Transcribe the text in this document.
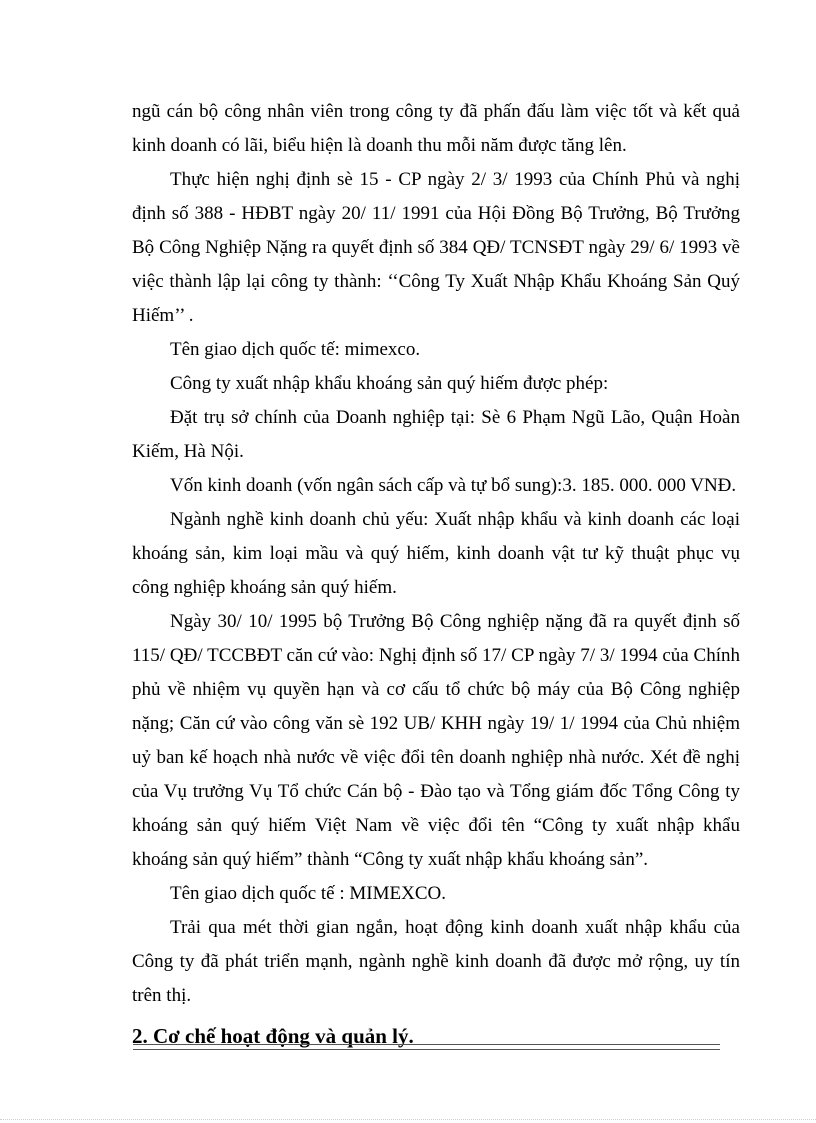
ngũ cán bộ công nhân viên trong công ty đã phấn đấu làm việc tốt và kết quả kinh doanh có lãi, biểu hiện là doanh thu mỗi năm được tăng lên.

Thực hiện nghị định sè 15 - CP ngày 2/ 3/ 1993 của Chính Phủ và nghị định số 388 - HĐBT ngày 20/ 11/ 1991 của Hội Đồng Bộ Trưởng, Bộ Trưởng Bộ Công Nghiệp Nặng ra quyết định số 384 QĐ/ TCNSĐT ngày 29/ 6/ 1993 về việc thành lập lại công ty thành: ‘‘Công Ty Xuất Nhập Khẩu Khoáng Sản Quý Hiếm’’ .

Tên giao dịch quốc tế: mimexco.

Công ty xuất nhập khẩu khoáng sản quý hiếm được phép:

Đặt trụ sở chính của Doanh nghiệp tại: Sè 6 Phạm Ngũ Lão, Quận Hoàn Kiếm, Hà Nội.

Vốn kinh doanh (vốn ngân sách cấp và tự bổ sung):3. 185. 000. 000 VNĐ.

Ngành nghề kinh doanh chủ yếu: Xuất nhập khẩu và kinh doanh các loại khoáng sản, kim loại mầu và quý hiếm, kinh doanh vật tư kỹ thuật phục vụ công nghiệp khoáng sản quý hiếm.

Ngày 30/ 10/ 1995 bộ Trưởng Bộ Công nghiệp nặng đã ra quyết định số 115/ QĐ/ TCCBĐT căn cứ vào: Nghị định số 17/ CP ngày 7/ 3/ 1994 của Chính phủ về nhiệm vụ quyền hạn và cơ cấu tổ chức bộ máy của Bộ Công nghiệp nặng; Căn cứ vào công văn sè 192 UB/ KHH ngày 19/ 1/ 1994 của Chủ nhiệm uỷ ban kế hoạch nhà nước về việc đổi tên doanh nghiệp nhà nước. Xét đề nghị của Vụ trưởng Vụ Tổ chức Cán bộ - Đào tạo và Tổng giám đốc Tổng Công ty khoáng sản quý hiếm Việt Nam về việc đổi tên “Công ty xuất nhập khẩu khoáng sản quý hiếm” thành “Công ty xuất nhập khẩu khoáng sản”.

Tên giao dịch quốc tế : MIMEXCO.

Trải qua mét thời gian ngắn, hoạt động kinh doanh xuất nhập khẩu của Công ty đã phát triển mạnh, ngành nghề kinh doanh đã được mở rộng, uy tín trên thị.

2. Cơ chế hoạt động và quản lý.
